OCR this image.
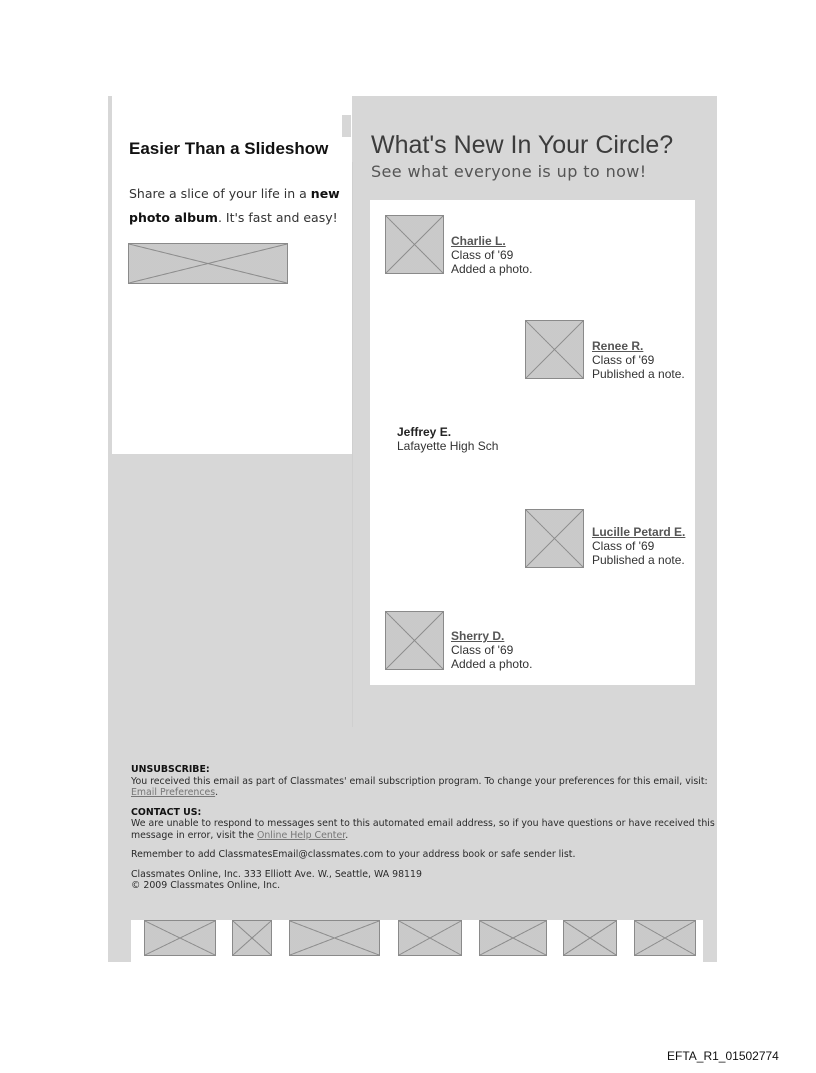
Easier Than a Slideshow
Share a slice of your life in a new photo album. It's fast and easy!
What's New In Your Circle?
See what everyone is up to now!
Charlie L.
Class of '69
Added a photo.
Renee R.
Class of '69
Published a note.
Jeffrey E.
Lafayette High Sch
Lucille Petard E.
Class of '69
Published a note.
Sherry D.
Class of '69
Added a photo.

UNSUBSCRIBE:
You received this email as part of Classmates' email subscription program. To change your preferences for this email, visit: Email Preferences.

CONTACT US:
We are unable to respond to messages sent to this automated email address, so if you have questions or have received this message in error, visit the Online Help Center.

Remember to add ClassmatesEmail@classmates.com to your address book or safe sender list.

Classmates Online, Inc. 333 Elliott Ave. W., Seattle, WA 98119
© 2009 Classmates Online, Inc.

EFTA_R1_01502774
